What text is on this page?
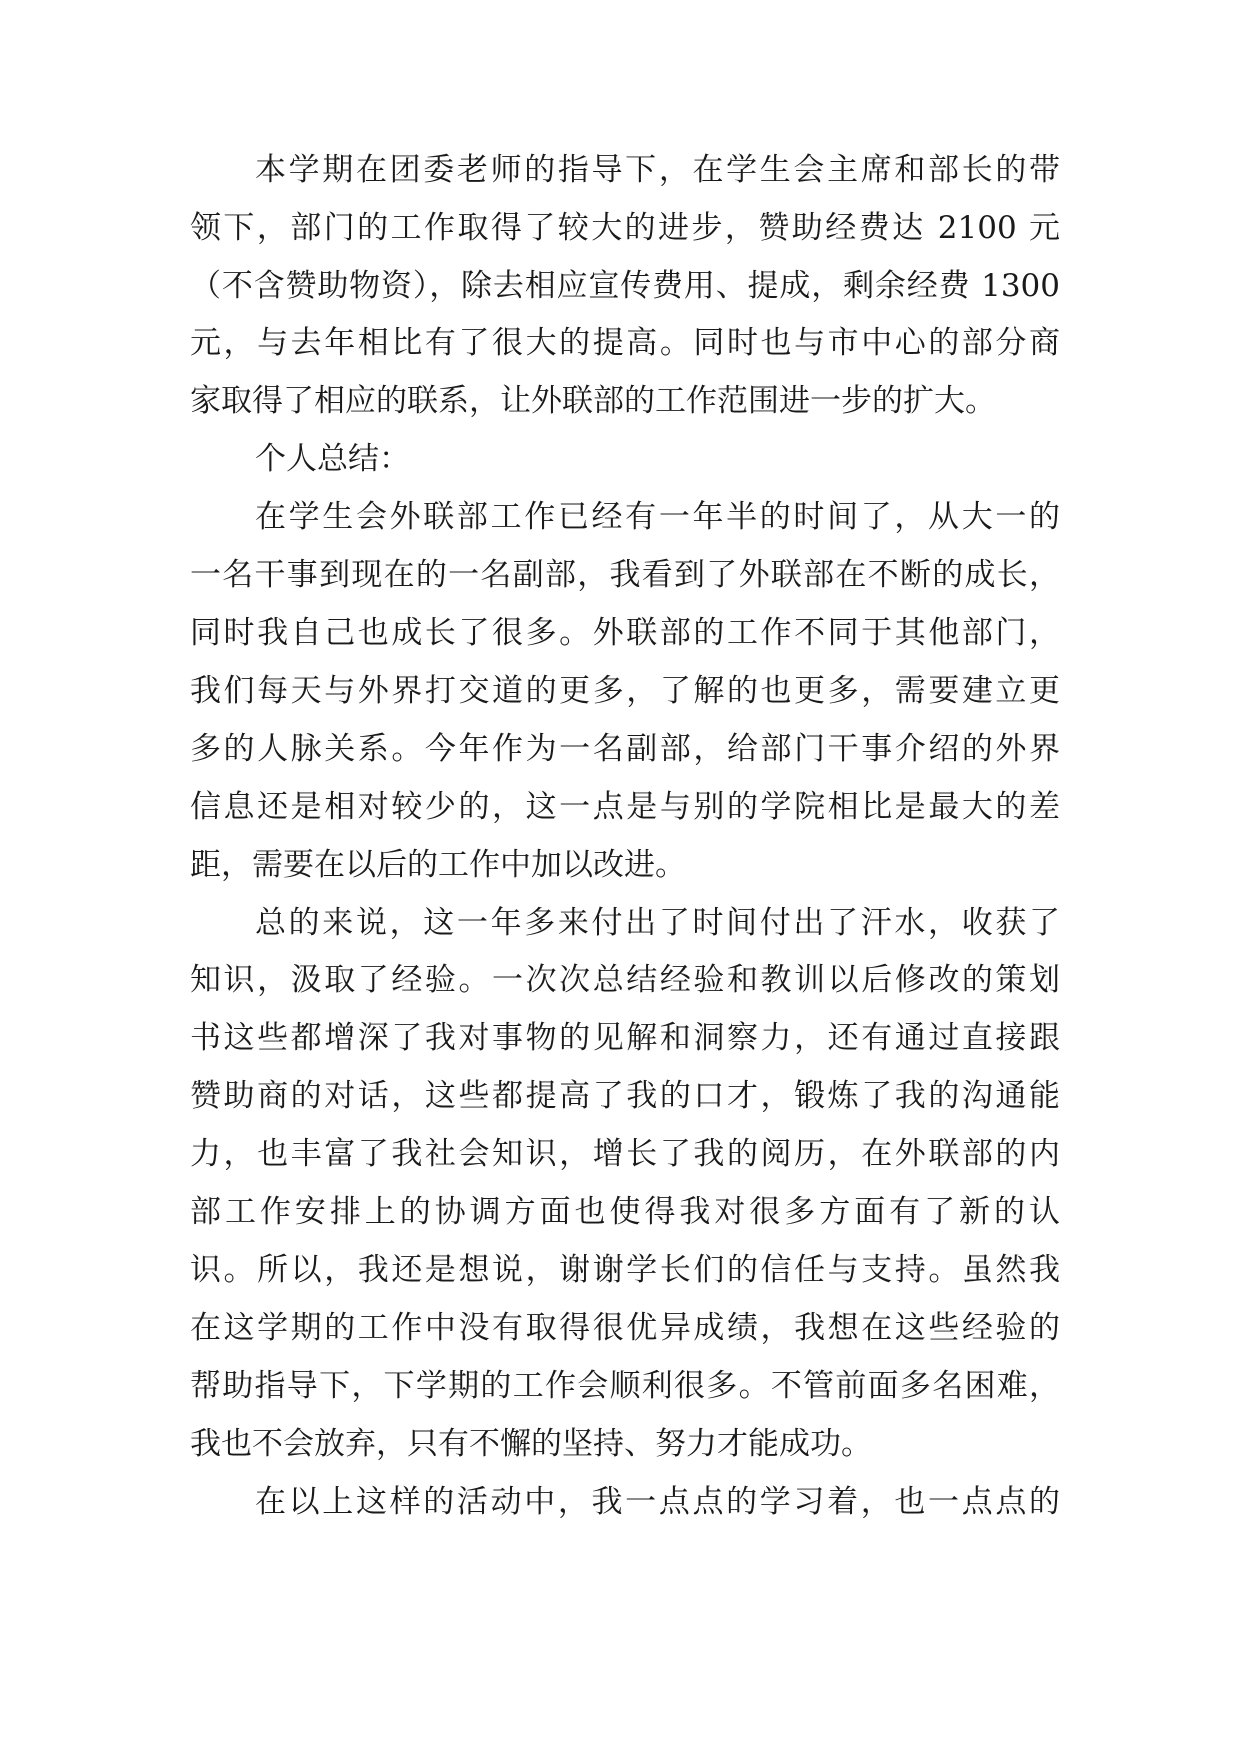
本学期在团委老师的指导下，在学生会主席和部长的带
领下，部门的工作取得了较大的进步，赞助经费达 2100 元
（不含赞助物资），除去相应宣传费用、提成，剩余经费 1300
元，与去年相比有了很大的提高。同时也与市中心的部分商
家取得了相应的联系，让外联部的工作范围进一步的扩大。
个人总结：
在学生会外联部工作已经有一年半的时间了，从大一的
一名干事到现在的一名副部，我看到了外联部在不断的成长，
同时我自己也成长了很多。外联部的工作不同于其他部门，
我们每天与外界打交道的更多，了解的也更多，需要建立更
多的人脉关系。今年作为一名副部，给部门干事介绍的外界
信息还是相对较少的，这一点是与别的学院相比是最大的差
距，需要在以后的工作中加以改进。
总的来说，这一年多来付出了时间付出了汗水，收获了
知识，汲取了经验。一次次总结经验和教训以后修改的策划
书这些都增深了我对事物的见解和洞察力，还有通过直接跟
赞助商的对话，这些都提高了我的口才，锻炼了我的沟通能
力，也丰富了我社会知识，增长了我的阅历，在外联部的内
部工作安排上的协调方面也使得我对很多方面有了新的认
识。所以，我还是想说，谢谢学长们的信任与支持。虽然我
在这学期的工作中没有取得很优异成绩，我想在这些经验的
帮助指导下，下学期的工作会顺利很多。不管前面多名困难，
我也不会放弃，只有不懈的坚持、努力才能成功。
在以上这样的活动中，我一点点的学习着，也一点点的
